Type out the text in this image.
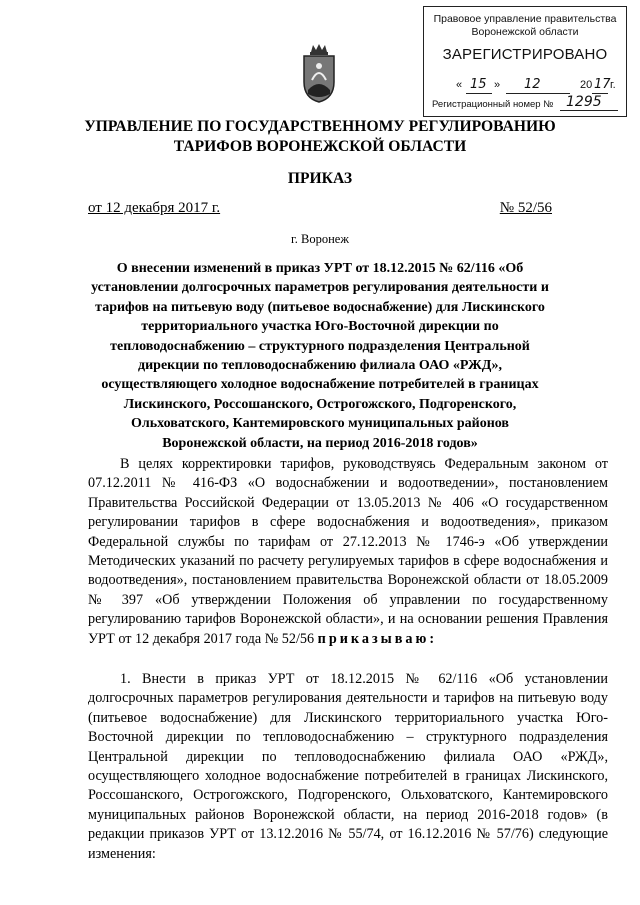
Правовое управление правительства
Воронежской области
ЗАРЕГИСТРИРОВАНО
« 15 » 12	20 17 г.
Регистрационный номер № 1295
УПРАВЛЕНИЕ ПО ГОСУДАРСТВЕННОМУ РЕГУЛИРОВАНИЮ
ТАРИФОВ ВОРОНЕЖСКОЙ ОБЛАСТИ
ПРИКАЗ
от 12 декабря 2017 г.	№ 52/56
г. Воронеж
О внесении изменений в приказ УРТ от 18.12.2015 № 62/116 «Об установлении долгосрочных параметров регулирования деятельности и тарифов на питьевую воду (питьевое водоснабжение) для Лискинского территориального участка Юго-Восточной дирекции по тепловодоснабжению – структурного подразделения Центральной дирекции по тепловодоснабжению филиала ОАО «РЖД», осуществляющего холодное водоснабжение потребителей в границах Лискинского, Россошанского, Острогожского, Подгоренского, Ольховатского, Кантемировского муниципальных районов Воронежской области, на период 2016-2018 годов»
В целях корректировки тарифов, руководствуясь Федеральным законом от 07.12.2011 № 416-ФЗ «О водоснабжении и водоотведении», постановлением Правительства Российской Федерации от 13.05.2013 № 406 «О государственном регулировании тарифов в сфере водоснабжения и водоотведения», приказом Федеральной службы по тарифам от 27.12.2013 № 1746-э «Об утверждении Методических указаний по расчету регулируемых тарифов в сфере водоснабжения и водоотведения», постановлением правительства Воронежской области от 18.05.2009 № 397 «Об утверждении Положения об управлении по государственному регулированию тарифов Воронежской области», и на основании решения Правления УРТ от 12 декабря 2017 года № 52/56 приказываю:
1. Внести в приказ УРТ от 18.12.2015 № 62/116 «Об установлении долгосрочных параметров регулирования деятельности и тарифов на питьевую воду (питьевое водоснабжение) для Лискинского территориального участка Юго-Восточной дирекции по тепловодоснабжению – структурного подразделения Центральной дирекции по тепловодоснабжению филиала ОАО «РЖД», осуществляющего холодное водоснабжение потребителей в границах Лискинского, Россошанского, Острогожского, Подгоренского, Ольховатского, Кантемировского муниципальных районов Воронежской области, на период 2016-2018 годов» (в редакции приказов УРТ от 13.12.2016 № 55/74, от 16.12.2016 № 57/76) следующие изменения:
